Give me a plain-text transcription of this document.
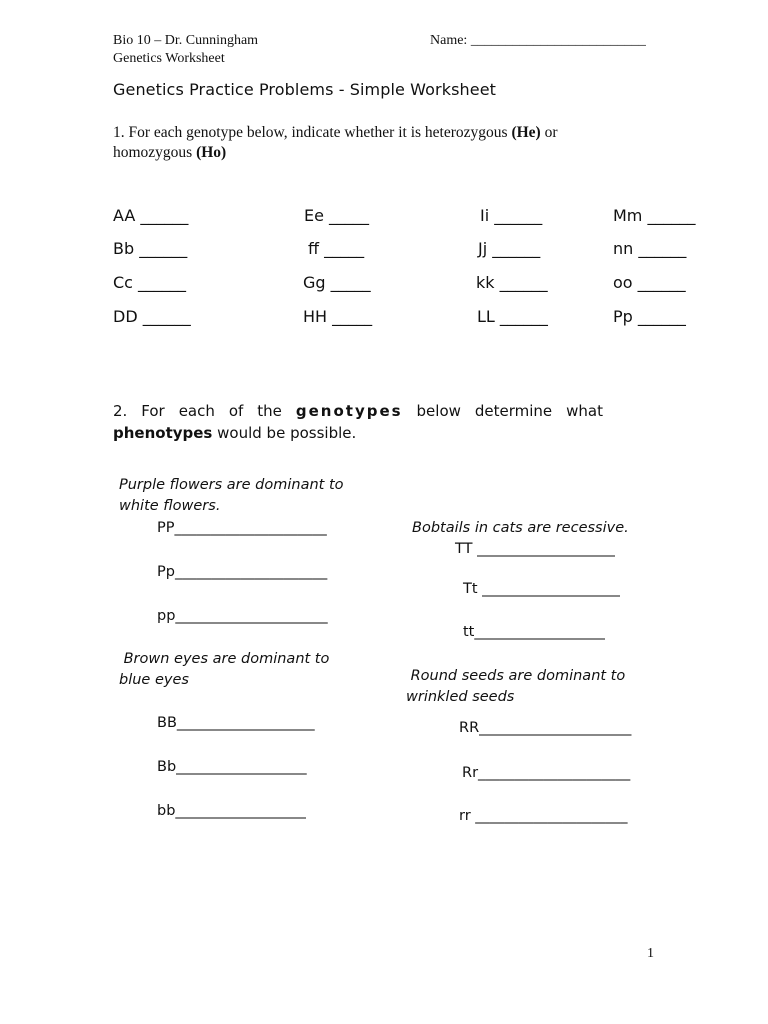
Bio 10 – Dr. Cunningham	Name: _________________________
Genetics Worksheet
Genetics Practice Problems - Simple Worksheet
1. For each genotype below, indicate whether it is heterozygous (He) or
homozygous (Ho)
AA ______
Bb ______
Cc ______
DD ______
Ee _____
ff _____
Gg _____
HH _____
Ii ______
Jj ______
kk ______
LL ______
Mm ______
nn ______
oo ______
Pp ______
2. For each of the genotypes below determine what
phenotypes would be possible.
Purple flowers are dominant to
white flowers.
PP_____________________
Pp_____________________
pp_____________________
Brown eyes are dominant to
blue eyes
BB___________________
Bb__________________
bb__________________
Bobtails in cats are recessive.
TT ___________________
Tt ___________________
tt__________________
Round seeds are dominant to
wrinkled seeds
RR_____________________
Rr_____________________
rr _____________________
1
